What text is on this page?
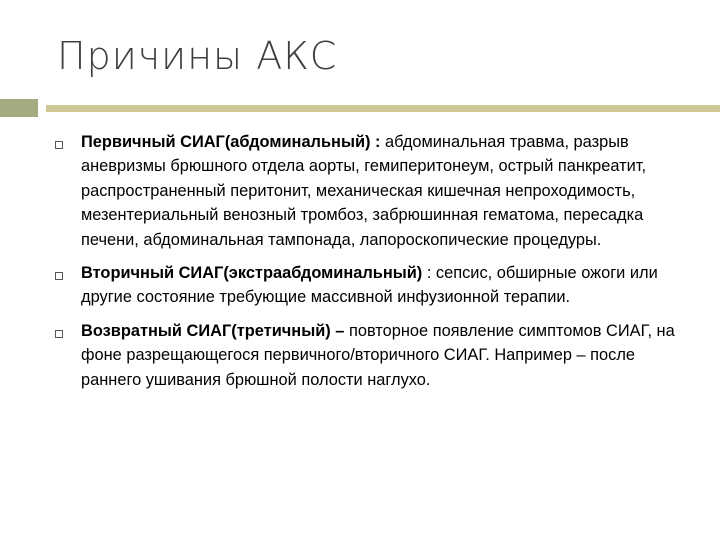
Причины АКС
Первичный СИАГ(абдоминальный) : абдоминальная травма, разрыв аневризмы брюшного отдела аорты, гемиперитонеум, острый панкреатит, распространенный перитонит, механическая кишечная непроходимость, мезентериальный венозный тромбоз, забрюшинная гематома, пересадка печени, абдоминальная тампонада, лапороскопические процедуры.
Вторичный СИАГ(экстраабдоминальный) : сепсис, обширные ожоги или другие состояние требующие массивной инфузионной терапии.
Возвратный СИАГ(третичный) – повторное появление симптомов СИАГ, на фоне разрещающегося первичного/вторичного СИАГ. Например – после раннего ушивания брюшной полости наглухо.
